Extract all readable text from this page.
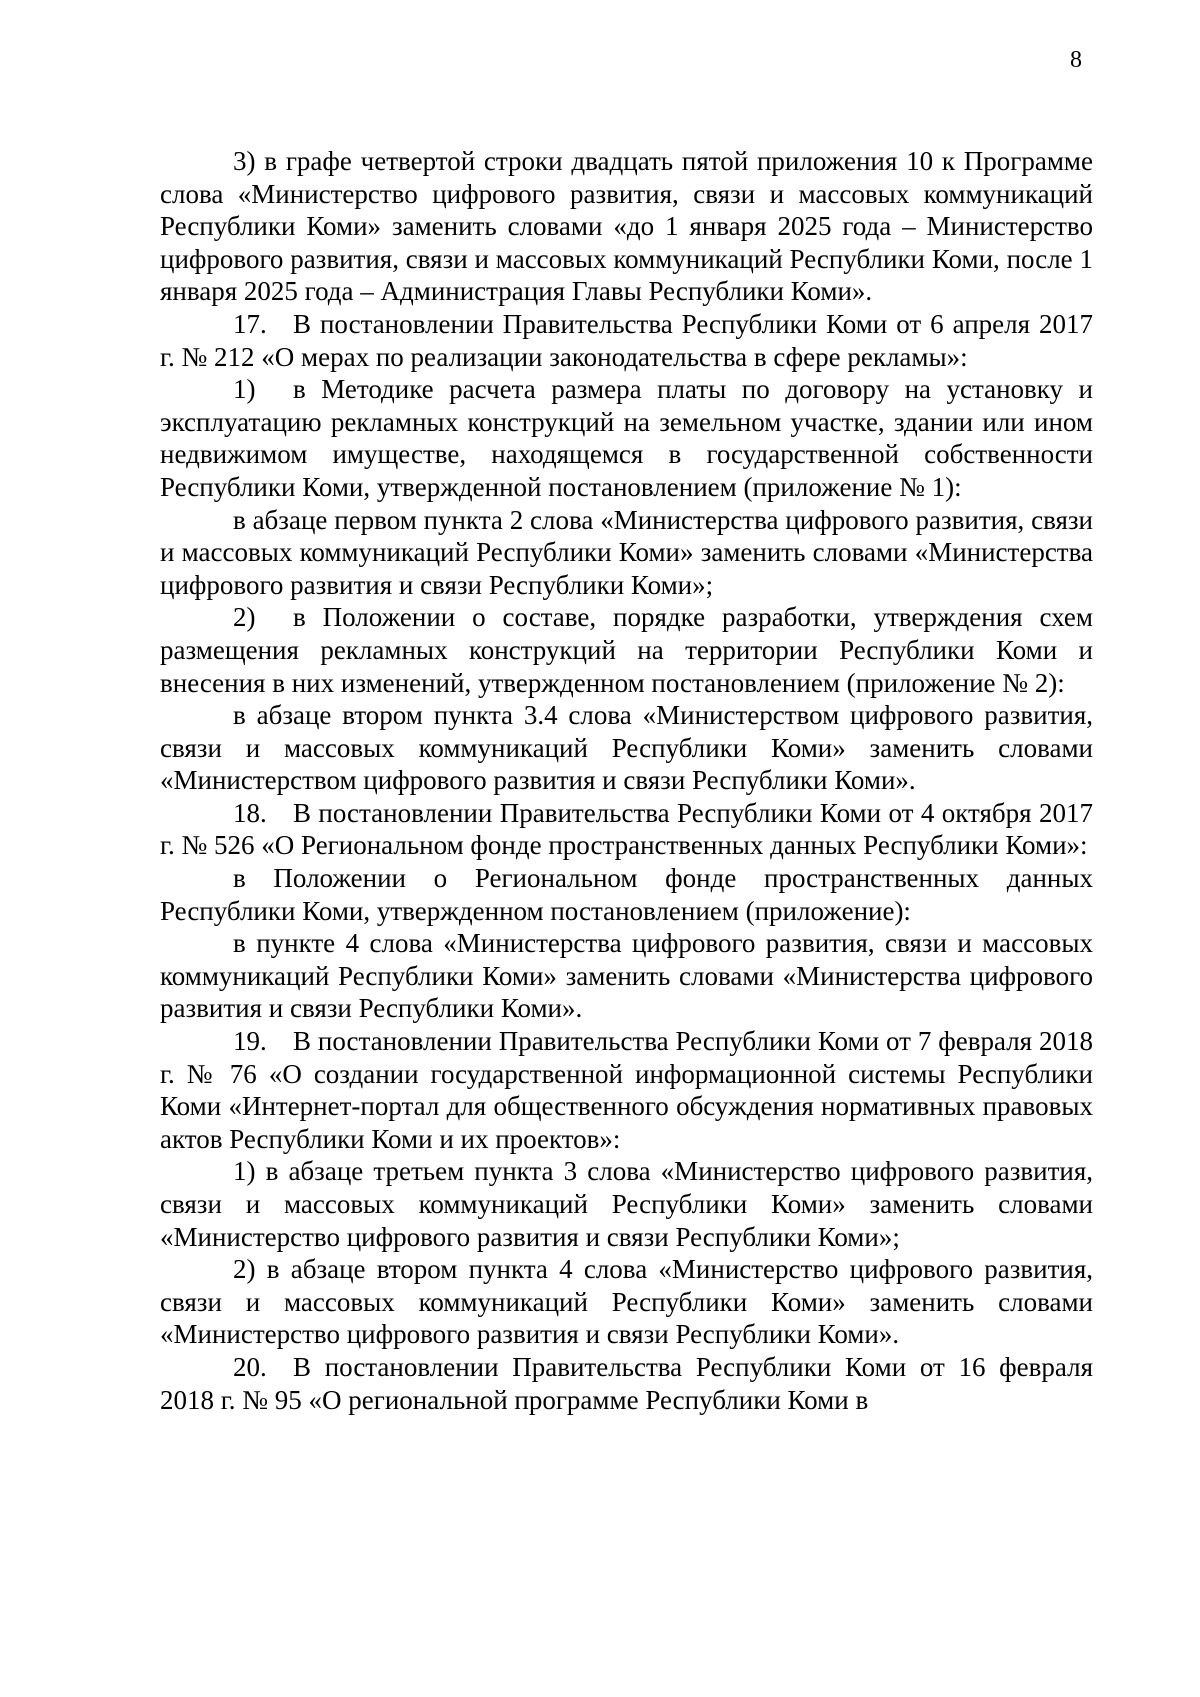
8

3) в графе четвертой строки двадцать пятой приложения 10 к Программе слова «Министерство цифрового развития, связи и массовых коммуникаций Республики Коми» заменить словами «до 1 января 2025 года – Министерство цифрового развития, связи и массовых коммуникаций Республики Коми, после 1 января 2025 года – Администрация Главы Республики Коми».

17. В постановлении Правительства Республики Коми от 6 апреля 2017 г. № 212 «О мерах по реализации законодательства в сфере рекламы»:

1) в Методике расчета размера платы по договору на установку и эксплуатацию рекламных конструкций на земельном участке, здании или ином недвижимом имуществе, находящемся в государственной собственности Республики Коми, утвержденной постановлением (приложение № 1):

в абзаце первом пункта 2 слова «Министерства цифрового развития, связи и массовых коммуникаций Республики Коми» заменить словами «Министерства цифрового развития и связи Республики Коми»;

2) в Положении о составе, порядке разработки, утверждения схем размещения рекламных конструкций на территории Республики Коми и внесения в них изменений, утвержденном постановлением (приложение № 2):

в абзаце втором пункта 3.4 слова «Министерством цифрового развития, связи и массовых коммуникаций Республики Коми» заменить словами «Министерством цифрового развития и связи Республики Коми».

18. В постановлении Правительства Республики Коми от 4 октября 2017 г. № 526 «О Региональном фонде пространственных данных Республики Коми»:

в Положении о Региональном фонде пространственных данных Республики Коми, утвержденном постановлением (приложение):

в пункте 4 слова «Министерства цифрового развития, связи и массовых коммуникаций Республики Коми» заменить словами «Министерства цифрового развития и связи Республики Коми».

19. В постановлении Правительства Республики Коми от 7 февраля 2018 г. № 76 «О создании государственной информационной системы Республики Коми «Интернет-портал для общественного обсуждения нормативных правовых актов Республики Коми и их проектов»:

1) в абзаце третьем пункта 3 слова «Министерство цифрового развития, связи и массовых коммуникаций Республики Коми» заменить словами «Министерство цифрового развития и связи Республики Коми»;

2) в абзаце втором пункта 4 слова «Министерство цифрового развития, связи и массовых коммуникаций Республики Коми» заменить словами «Министерство цифрового развития и связи Республики Коми».

20. В постановлении Правительства Республики Коми от 16 февраля 2018 г. № 95 «О региональной программе Республики Коми в
